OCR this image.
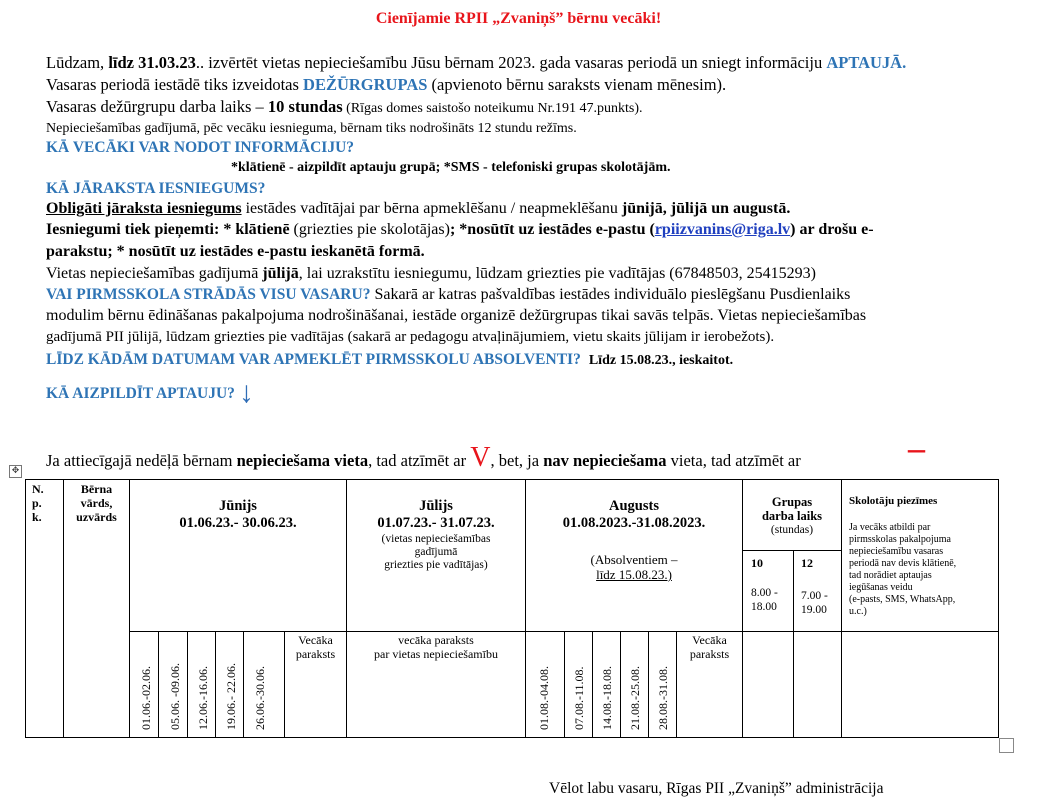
Cienījamie RPII „Zvaniņš” bērnu vecāki!
Lūdzam, līdz 31.03.23.. izvērtēt vietas nepieciešamību Jūsu bērnam 2023. gada vasaras periodā un sniegt informāciju APTAUJĀ.
Vasaras periodā iestādē tiks izveidotas DEŽŪRGRUPAS (apvienoto bērnu saraksts vienam mēnesim).
Vasaras dežūrgrupu darba laiks – 10 stundas (Rīgas domes saistošo noteikumu Nr.191 47.punkts).
Nepieciešamības gadījumā, pēc vecāku iesnieguma, bērnam tiks nodrošināts 12 stundu režīms.
KĀ VECĀKI VAR NODOT INFORMĀCIJU?
*klātienē - aizpildīt aptauju grupā; *SMS - telefoniski grupas skolotājām.
KĀ JĀRAKSTA IESNIEGUMS?
Obligāti jāraksta iesniegums iestādes vadītājai par bērna apmeklēšanu / neapmeklēšanu jūnijā, jūlijā un augustā.
Iesniegumi tiek pieņemti: * klātienē (griezties pie skolotājas); *nosūtīt uz iestādes e-pastu (rpiizvanins@riga.lv) ar drošu e-
parakstu; * nosūtīt uz iestādes e-pastu ieskanētā formā.
Vietas nepieciešamības gadījumā jūlijā, lai uzrakstītu iesniegumu, lūdzam griezties pie vadītājas (67848503, 25415293)
VAI PIRMSSKOLA STRĀDĀS VISU VASARU? Sakarā ar katras pašvaldības iestādes individuālo pieslēgšanu Pusdienlaiks
modulim bērnu ēdināšanas pakalpojuma nodrošināšanai, iestāde organizē dežūrgrupas tikai savās telpās. Vietas nepieciešamības
gadījumā PII jūlijā, lūdzam griezties pie vadītājas (sakarā ar pedagogu atvaļinājumiem, vietu skaits jūlijam ir ierobežots).
LĪDZ KĀDĀM DATUMAM VAR APMEKLĒT PIRMSSKOLU ABSOLVENTI? Līdz 15.08.23., ieskaitot.
KĀ AIZPILDĪT APTAUJU? ↓
Ja attiecīgajā nedēļā bērnam nepieciešama vieta, tad atzīmēt ar V, bet, ja nav nepieciešama vieta, tad atzīmēt ar	–
✥
N.
p.
k.
Bērna
vārds,
uzvārds
Jūnijs
01.06.23.- 30.06.23.
Jūlijs
01.07.23.- 31.07.23.
(vietas nepieciešamības
gadījumā
griezties pie vadītājas)
Augusts
01.08.2023.-31.08.2023.
(Absolventiem –
līdz 15.08.23.)
Grupas
darba laiks
(stundas)
10
8.00 -
18.00
12
7.00 -
19.00
Skolotāju piezīmes
Ja vecāks atbildi par
pirmsskolas pakalpojuma
nepieciešamību vasaras
periodā nav devis klātienē,
tad norādiet aptaujas
iegūšanas veidu
(e-pasts, SMS, WhatsApp,
u.c.)
01.06.-02.06. 05.06. -09.06. 12.06.-16.06. 19.06.- 22.06. 26.06.-30.06.
Vecāka
paraksts
vecāka paraksts
par vietas nepieciešamību
01.08.-04.08. 07.08.-11.08. 14.08.-18.08. 21.08.-25.08. 28.08.-31.08.
Vecāka
paraksts
Vēlot labu vasaru, Rīgas PII „Zvaniņš” administrācija
